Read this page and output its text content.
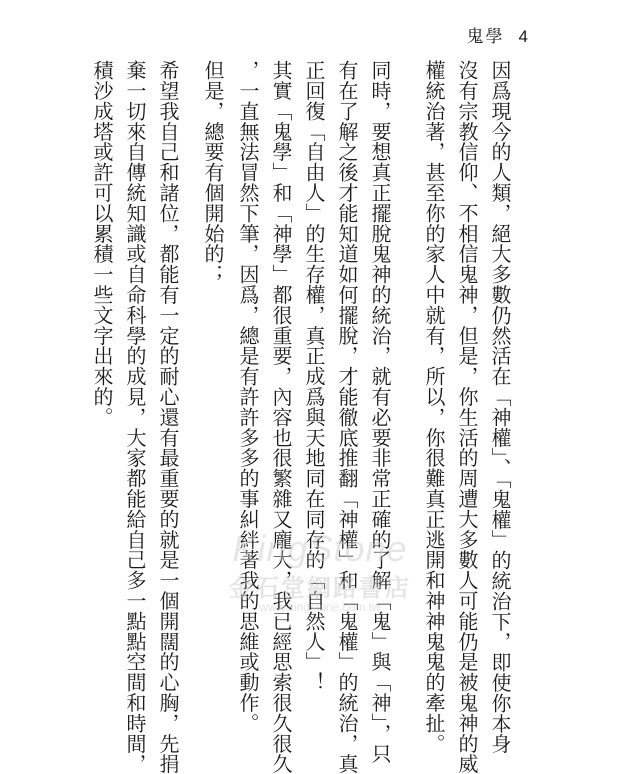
鬼學 4
因爲現今的人類，絕大多數仍然活在「神權」、「鬼權」的統治下，即使你本身
沒有宗教信仰、不相信鬼神，但是，你生活的周遭大多數人可能仍是被鬼神的威
權統治著，甚至你的家人中就有，所以，你很難真正逃開和神神鬼鬼的牽扯。
同時，要想真正擺脫鬼神的統治，就有必要非常正確的了解「鬼」與「神」，只
有在了解之後才能知道如何擺脫，才能徹底推翻「神權」和「鬼權」的統治，真
正回復「自由人」的生存權，真正成爲與天地同在同存的「自然人」！
其實「鬼學」和「神學」都很重要，內容也很繁雜又龐大，我已經思索很久很久
，一直無法冒然下筆，因爲，總是有許許多多的事糾絆著我的思維或動作。
但是，總要有個開始的；
希望我自己和諸位，都能有一定的耐心還有最重要的就是一個開闊的心胸，先捐
棄一切來自傳統知識或自命科學的成見，大家都能給自己多一點點空間和時間，
積沙成塔或許可以累積一些文字出來的。
KingStone
金石堂網路書店
www.kingstone.com.tw
